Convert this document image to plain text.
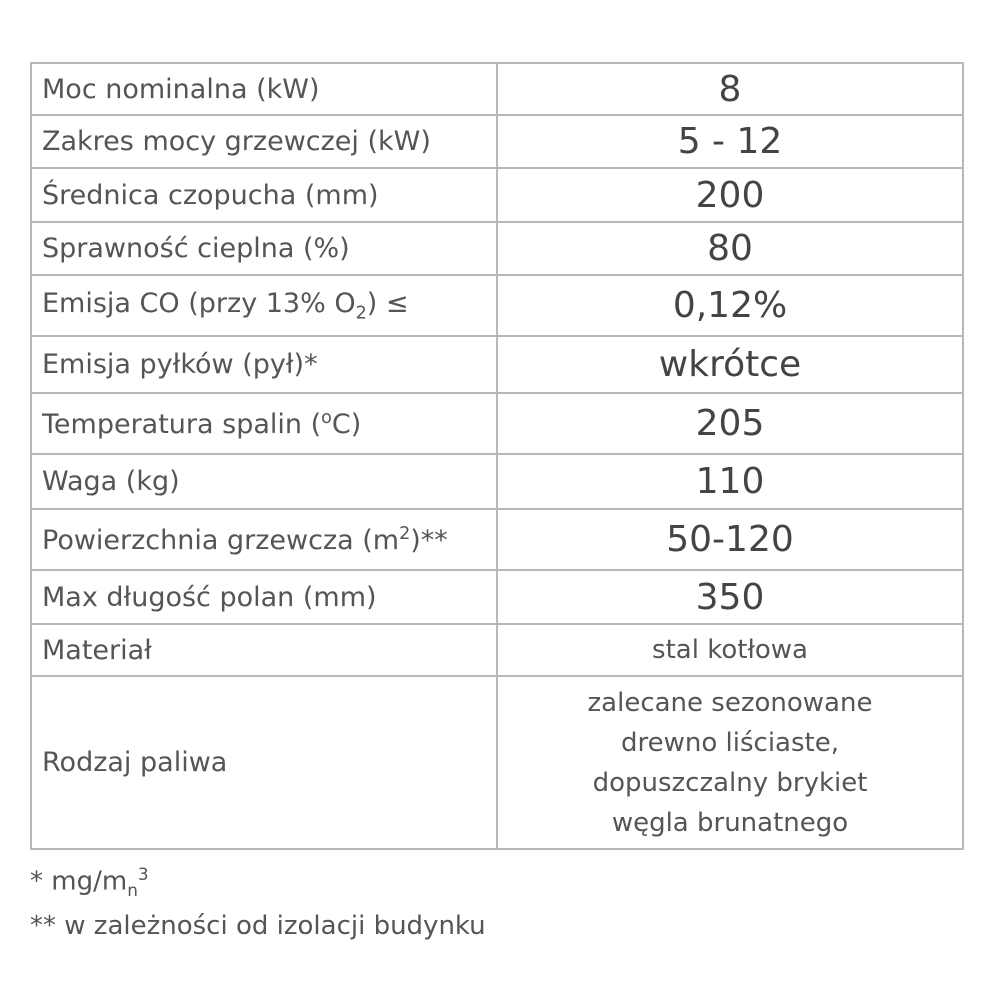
Moc nominalna (kW)	8
Zakres mocy grzewczej (kW)	5 - 12
Średnica czopucha (mm)	200
Sprawność cieplna (%)	80
Emisja CO (przy 13% $O_2$) ≤	0,12%
Emisja pyłków (pył)*	wkrótce
Temperatura spalin ($^o$C)	205
Waga (kg)	110
Powierzchnia grzewcza $(m^2)**$	50-120
Max długość polan (mm)	350
Materiał	stal kotłowa
Rodzaj paliwa	zalecane sezonowane
drewno liściaste,
dopuszczalny brykiet
węgla brunatnego
* $mg/m_n^3$
** w zależności od izolacji budynku
